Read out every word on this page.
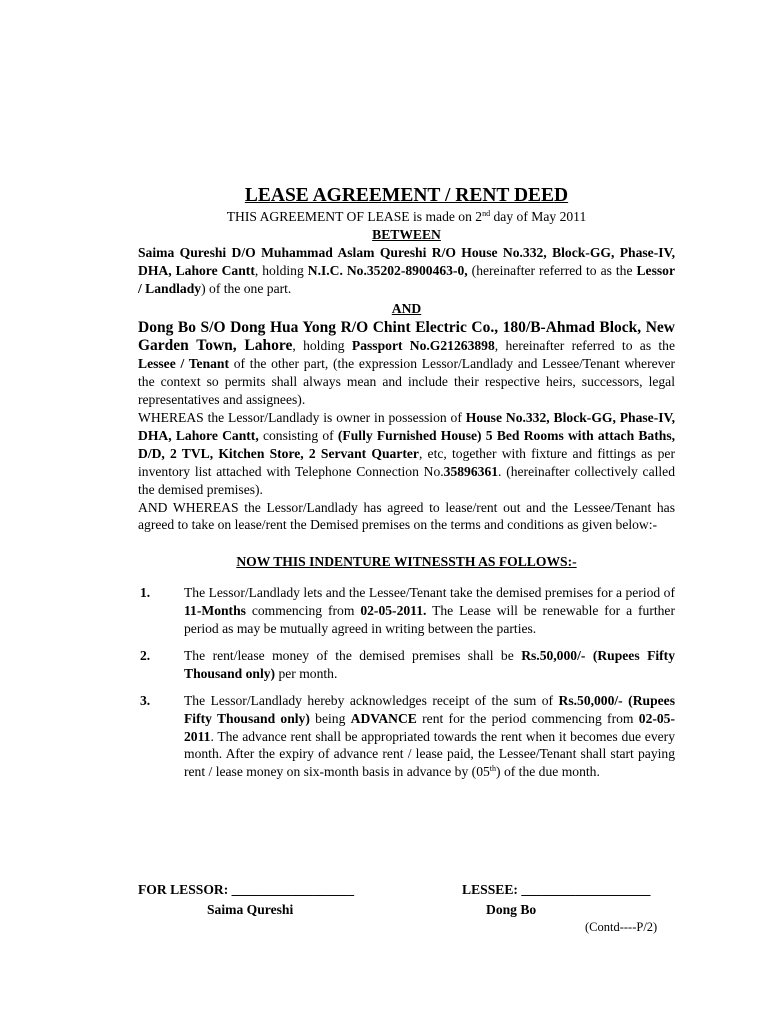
LEASE AGREEMENT / RENT DEED

THIS AGREEMENT OF LEASE is made on 2nd day of May 2011

BETWEEN

Saima Qureshi D/O Muhammad Aslam Qureshi R/O House No.332, Block-GG, Phase-IV, DHA, Lahore Cantt, holding N.I.C. No.35202-8900463-0, (hereinafter referred to as the Lessor / Landlady) of the one part.

AND

Dong Bo S/O Dong Hua Yong R/O Chint Electric Co., 180/B-Ahmad Block, New Garden Town, Lahore, holding Passport No.G21263898, hereinafter referred to as the Lessee / Tenant of the other part, (the expression Lessor/Landlady and Lessee/Tenant wherever the context so permits shall always mean and include their respective heirs, successors, legal representatives and assignees).

WHEREAS the Lessor/Landlady is owner in possession of House No.332, Block-GG, Phase-IV, DHA, Lahore Cantt, consisting of (Fully Furnished House) 5 Bed Rooms with attach Baths, D/D, 2 TVL, Kitchen Store, 2 Servant Quarter, etc, together with fixture and fittings as per inventory list attached with Telephone Connection No.35896361. (hereinafter collectively called the demised premises).

AND WHEREAS the Lessor/Landlady has agreed to lease/rent out and the Lessee/Tenant has agreed to take on lease/rent the Demised premises on the terms and conditions as given below:-

NOW THIS INDENTURE WITNESSTH AS FOLLOWS:-

1. The Lessor/Landlady lets and the Lessee/Tenant take the demised premises for a period of 11-Months commencing from 02-05-2011. The Lease will be renewable for a further period as may be mutually agreed in writing between the parties.
2. The rent/lease money of the demised premises shall be Rs.50,000/- (Rupees Fifty Thousand only) per month.
3. The Lessor/Landlady hereby acknowledges receipt of the sum of Rs.50,000/- (Rupees Fifty Thousand only) being ADVANCE rent for the period commencing from 02-05-2011. The advance rent shall be appropriated towards the rent when it becomes due every month. After the expiry of advance rent / lease paid, the Lessee/Tenant shall start paying rent / lease money on six-month basis in advance by (05th) of the due month.
FOR LESSOR: __________________
Saima Qureshi
LESSEE: ___________________
Dong Bo
(Contd----P/2)
